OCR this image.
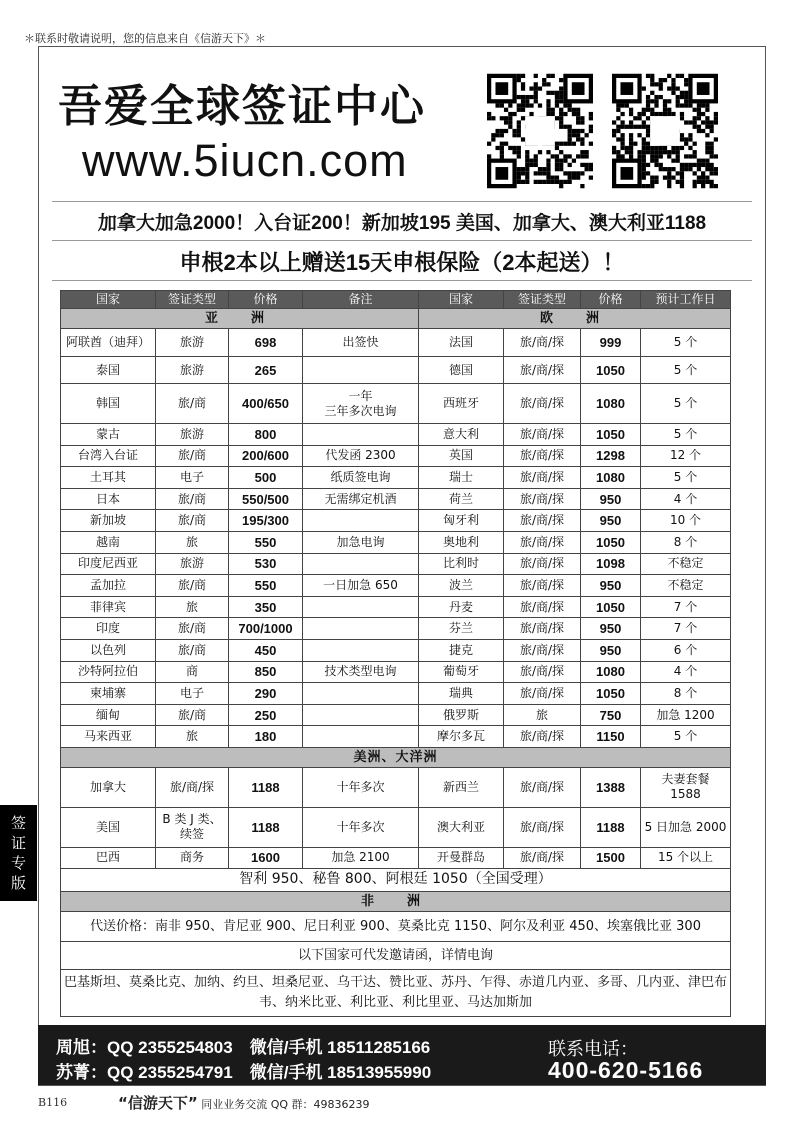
＊联系时敬请说明，您的信息来自《信游天下》＊
吾爱全球签证中心
www.5iucn.com
加拿大加急2000！入台证200！新加坡195 美国、加拿大、澳大利亚1188
申根2本以上赠送15天申根保险（2本起送）！
国家	签证类型	价格	备注	国家	签证类型	价格	预计工作日
亚　洲				欧　洲			
阿联酋（迪拜）	旅游	698	出签快	法国	旅/商/探	999	5 个
泰国	旅游	265		德国	旅/商/探	1050	5 个
韩国	旅/商	400/650	一年
三年多次电询	西班牙	旅/商/探	1080	5 个
蒙古	旅游	800		意大利	旅/商/探	1050	5 个
台湾入台证	旅/商	200/600	代发函 2300	英国	旅/商/探	1298	12 个
土耳其	电子	500	纸质签电询	瑞士	旅/商/探	1080	5 个
日本	旅/商	550/500	无需绑定机酒	荷兰	旅/商/探	950	4 个
新加坡	旅/商	195/300		匈牙利	旅/商/探	950	10 个
越南	旅	550	加急电询	奥地利	旅/商/探	1050	8 个
印度尼西亚	旅游	530		比利时	旅/商/探	1098	不稳定
孟加拉	旅/商	550	一日加急 650	波兰	旅/商/探	950	不稳定
菲律宾	旅	350		丹麦	旅/商/探	1050	7 个
印度	旅/商	700/1000		芬兰	旅/商/探	950	7 个
以色列	旅/商	450		捷克	旅/商/探	950	6 个
沙特阿拉伯	商	850	技术类型电询	葡萄牙	旅/商/探	1080	4 个
柬埔寨	电子	290		瑞典	旅/商/探	1050	8 个
缅甸	旅/商	250		俄罗斯	旅	750	加急 1200
马来西亚	旅	180		摩尔多瓦	旅/商/探	1150	5 个
美洲、大洋洲							
加拿大	旅/商/探	1188	十年多次	新西兰	旅/商/探	1388	夫妻套餐
1588
美国	B 类 J 类、
续签	1188	十年多次	澳大利亚	旅/商/探	1188	5 日加急 2000
巴西	商务	1600	加急 2100	开曼群岛	旅/商/探	1500	15 个以上
智利 950、秘鲁 800、阿根廷 1050（全国受理）							
非　洲							
代送价格：南非 950、肯尼亚 900、尼日利亚 900、莫桑比克 1150、阿尔及利亚 450、埃塞俄比亚 300							
以下国家可代发邀请函，详情电询							
巴基斯坦、莫桑比克、加纳、约旦、坦桑尼亚、乌干达、赞比亚、苏丹、乍得、赤道几内亚、多哥、几内亚、津巴布韦、纳米比亚、利比亚、利比里亚、马达加斯加							
签证专版
周旭：QQ 2355254803　微信/手机 18511285166
苏菁：QQ 2355254791　微信/手机 18513955990
联系电话：
400-620-5166
B116	“信游天下” 同业业务交流 QQ 群：49836239
